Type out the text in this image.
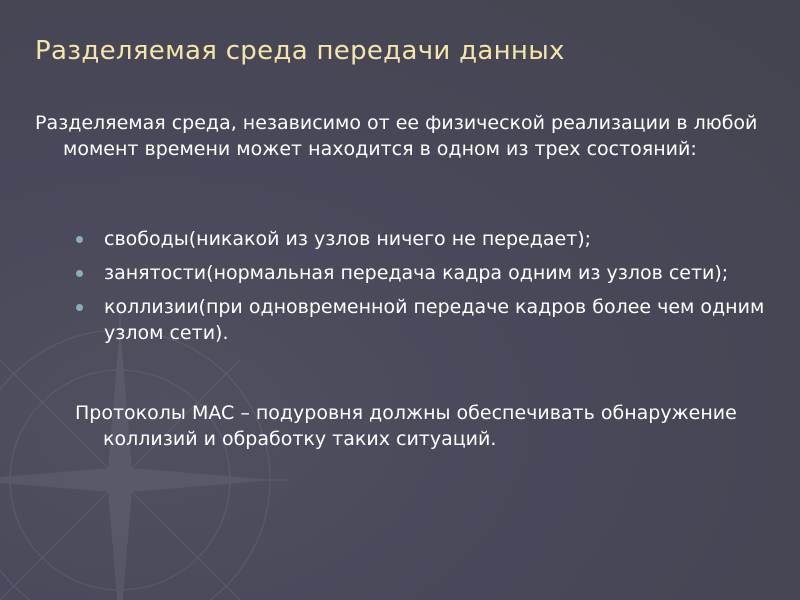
Разделяемая среда передачи данных
Разделяемая среда, независимо от ее физической реализации в любой момент времени может находится в одном из трех состояний:
свободы(никакой из узлов ничего не передает);
занятости(нормальная передача кадра одним из узлов сети);
коллизии(при одновременной передаче кадров более чем одним узлом сети).
Протоколы MAC – подуровня должны обеспечивать обнаружение коллизий и обработку таких ситуаций.
